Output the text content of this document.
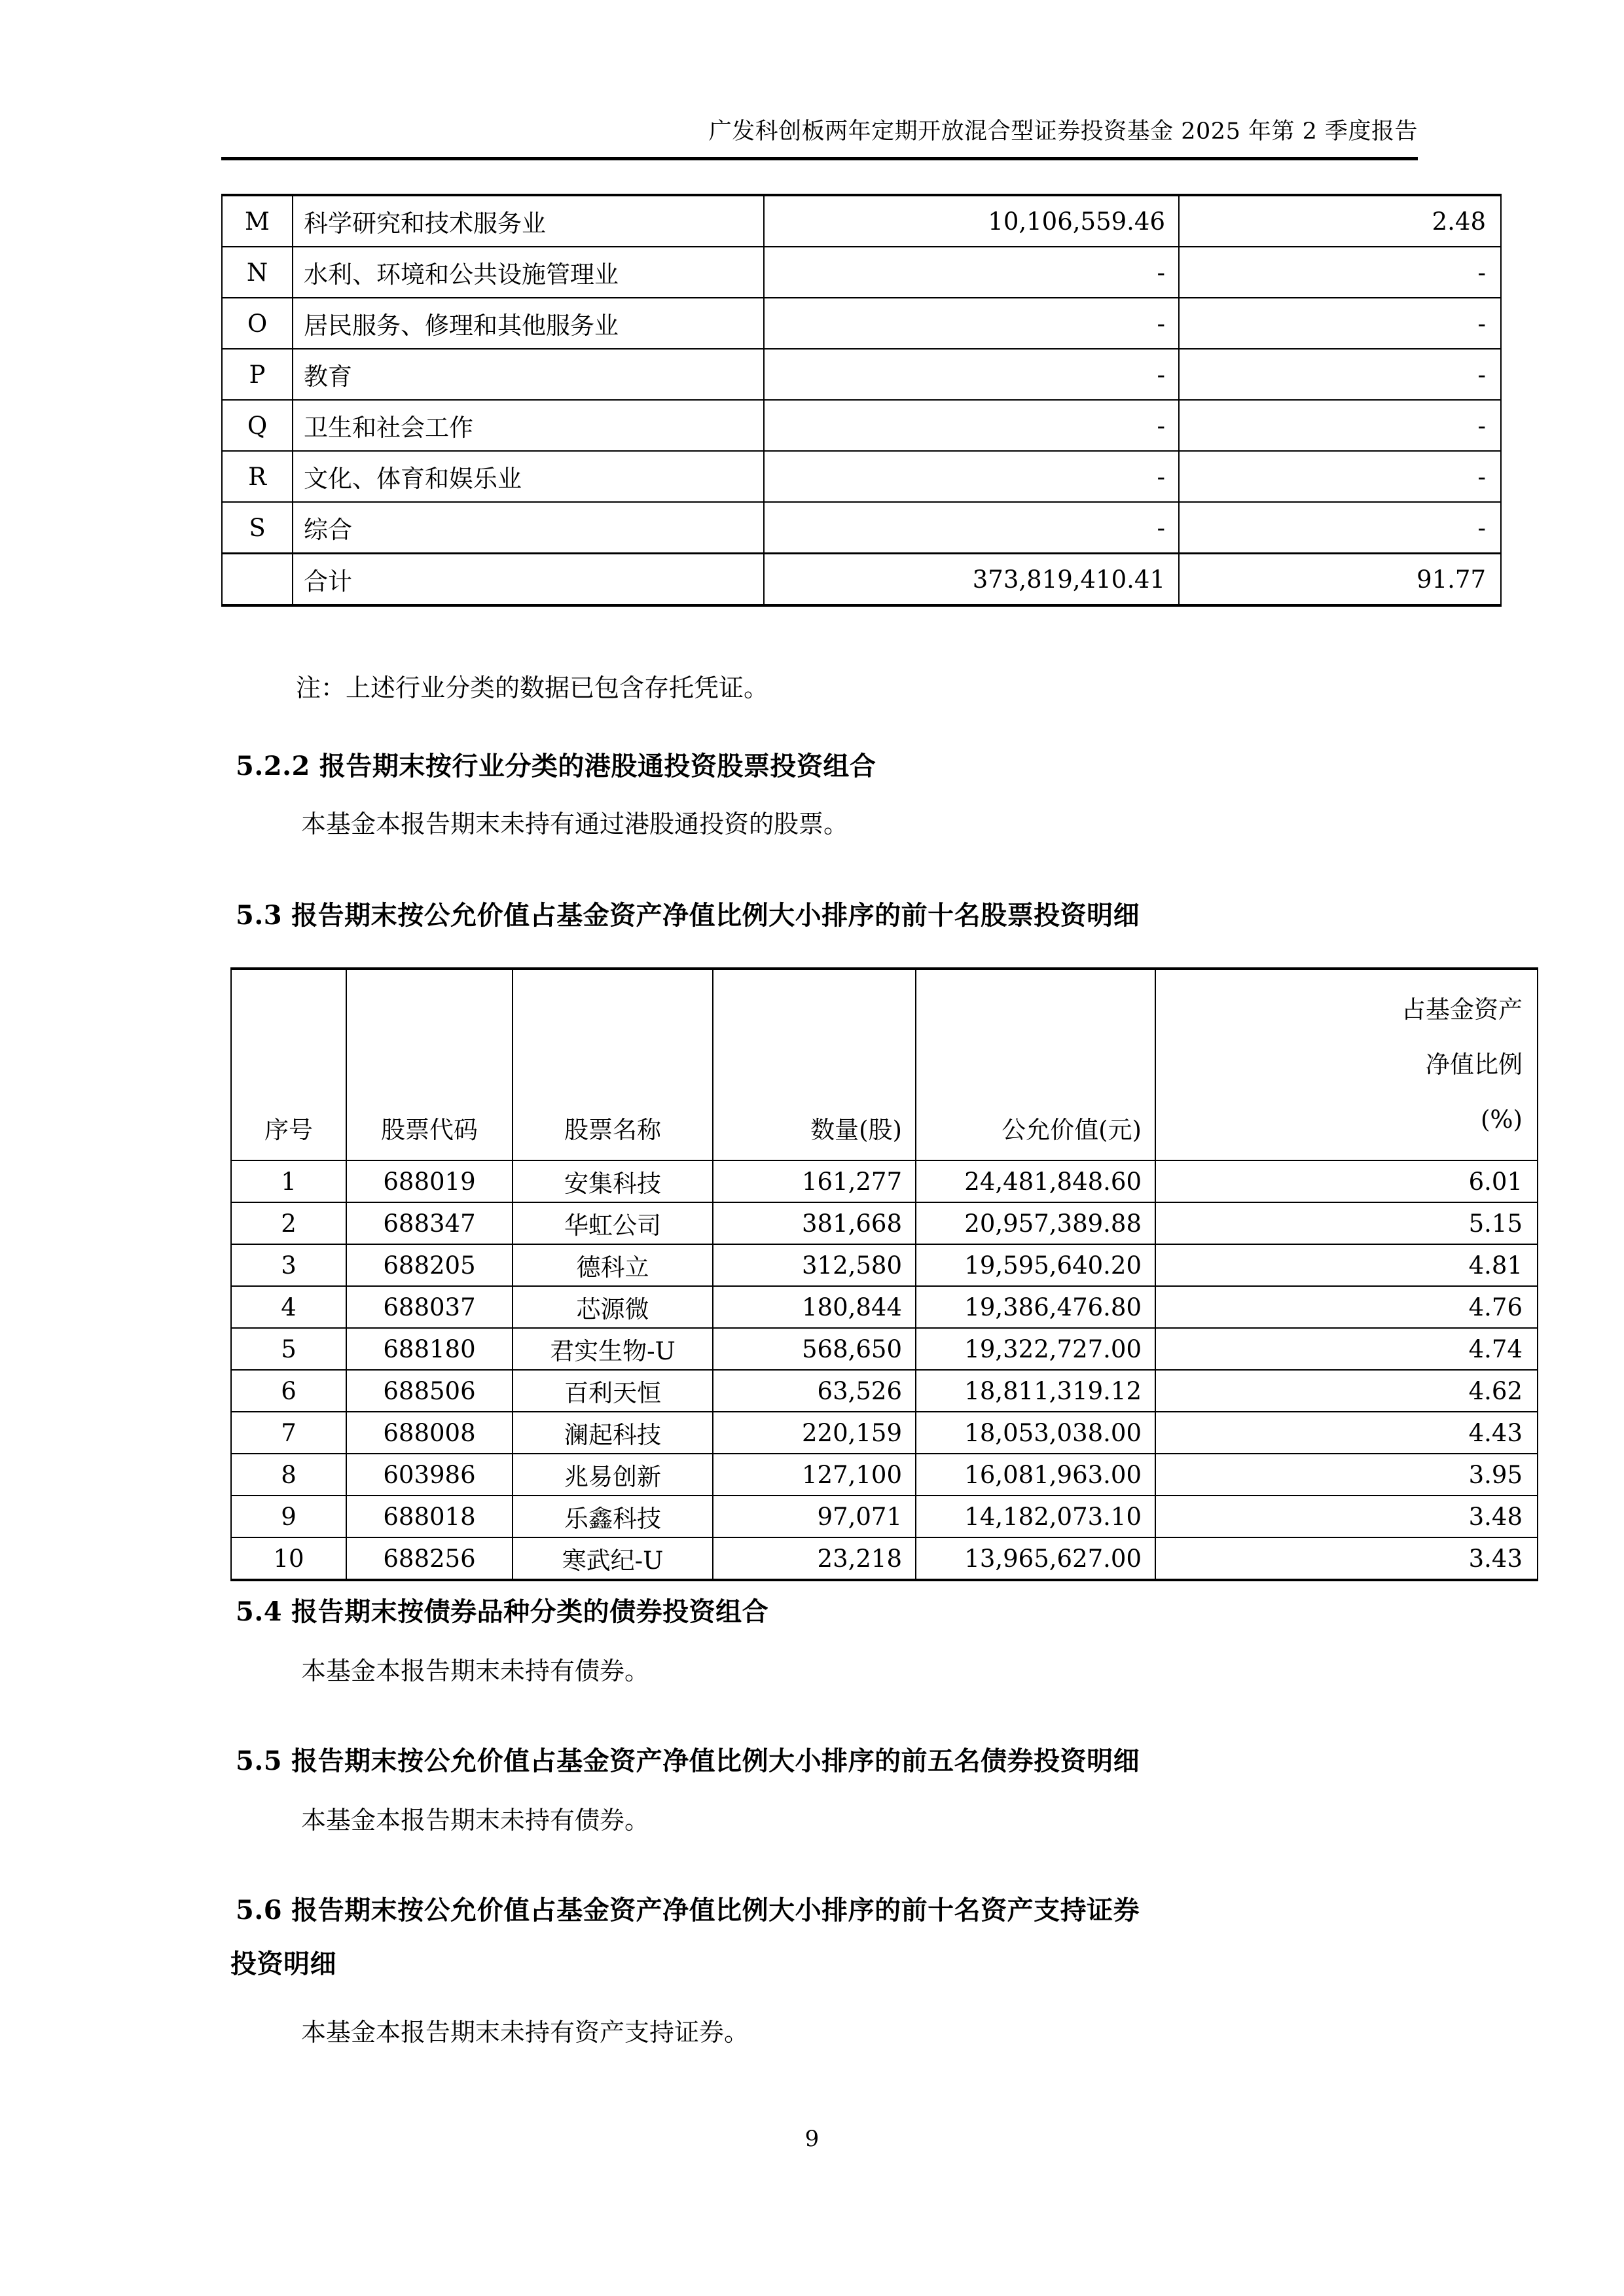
广发科创板两年定期开放混合型证券投资基金 2025 年第 2 季度报告
M	科学研究和技术服务业	10,106,559.46	2.48
N	水利、环境和公共设施管理业	-	-
O	居民服务、修理和其他服务业	-	-
P	教育	-	-
Q	卫生和社会工作	-	-
R	文化、体育和娱乐业	-	-
S	综合	-	-
	合计	373,819,410.41	91.77
注：上述行业分类的数据已包含存托凭证。
5.2.2 报告期末按行业分类的港股通投资股票投资组合
本基金本报告期末未持有通过港股通投资的股票。
5.3 报告期末按公允价值占基金资产净值比例大小排序的前十名股票投资明细
序号	股票代码	股票名称	数量(股)	公允价值(元)	占基金资产
净值比例
(%)

1	688019	安集科技	161,277	24,481,848.60	6.01
2	688347	华虹公司	381,668	20,957,389.88	5.15
3	688205	德科立	312,580	19,595,640.20	4.81
4	688037	芯源微	180,844	19,386,476.80	4.76
5	688180	君实生物-U	568,650	19,322,727.00	4.74
6	688506	百利天恒	63,526	18,811,319.12	4.62
7	688008	澜起科技	220,159	18,053,038.00	4.43
8	603986	兆易创新	127,100	16,081,963.00	3.95
9	688018	乐鑫科技	97,071	14,182,073.10	3.48
10	688256	寒武纪-U	23,218	13,965,627.00	3.43
5.4 报告期末按债券品种分类的债券投资组合
本基金本报告期末未持有债券。
5.5 报告期末按公允价值占基金资产净值比例大小排序的前五名债券投资明细
本基金本报告期末未持有债券。
5.6 报告期末按公允价值占基金资产净值比例大小排序的前十名资产支持证券
投资明细
本基金本报告期末未持有资产支持证券。
9
